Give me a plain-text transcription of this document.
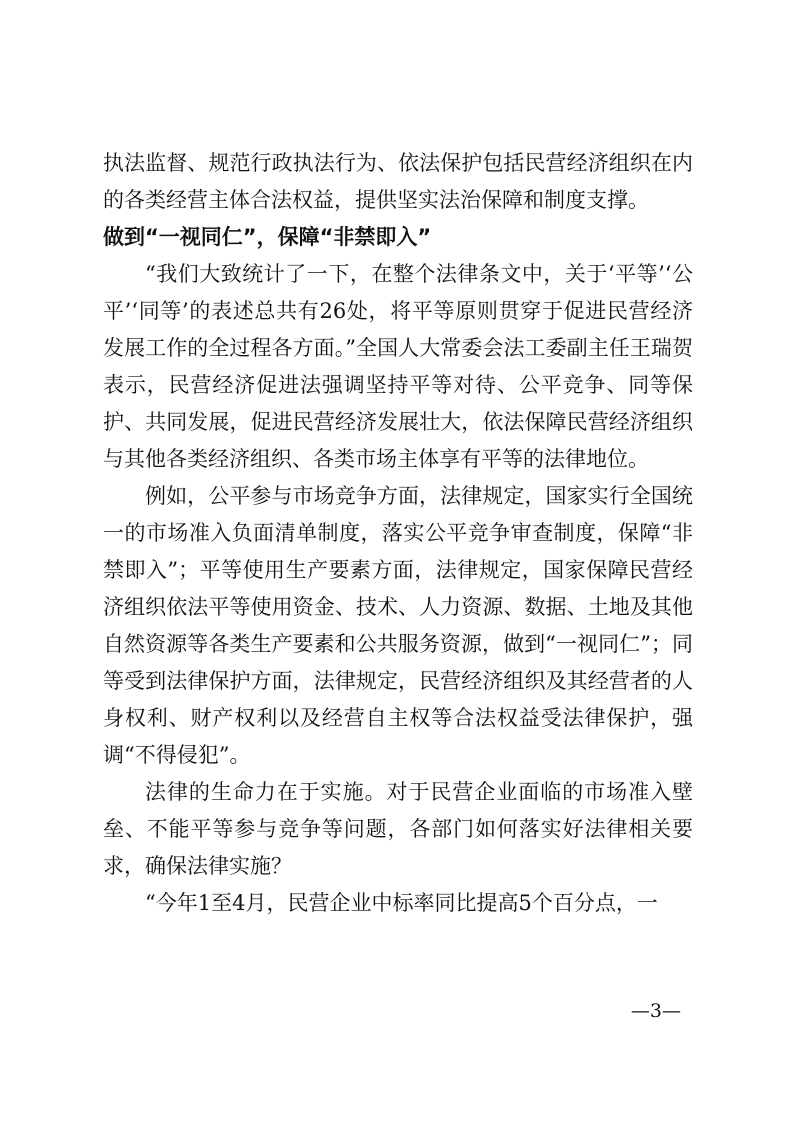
执法监督、规范行政执法行为、依法保护包括民营经济组织在内的各类经营主体合法权益，提供坚实法治保障和制度支撑。

做到“一视同仁”，保障“非禁即入”

“我们大致统计了一下，在整个法律条文中，关于‘平等’‘公平’‘同等’的表述总共有26处，将平等原则贯穿于促进民营经济发展工作的全过程各方面。”全国人大常委会法工委副主任王瑞贺表示，民营经济促进法强调坚持平等对待、公平竞争、同等保护、共同发展，促进民营经济发展壮大，依法保障民营经济组织与其他各类经济组织、各类市场主体享有平等的法律地位。

例如，公平参与市场竞争方面，法律规定，国家实行全国统一的市场准入负面清单制度，落实公平竞争审查制度，保障“非禁即入”；平等使用生产要素方面，法律规定，国家保障民营经济组织依法平等使用资金、技术、人力资源、数据、土地及其他自然资源等各类生产要素和公共服务资源，做到“一视同仁”；同等受到法律保护方面，法律规定，民营经济组织及其经营者的人身权利、财产权利以及经营自主权等合法权益受法律保护，强调“不得侵犯”。

法律的生命力在于实施。对于民营企业面临的市场准入壁垒、不能平等参与竞争等问题，各部门如何落实好法律相关要求，确保法律实施？

“今年1至4月，民营企业中标率同比提高5个百分点，一

—3—
